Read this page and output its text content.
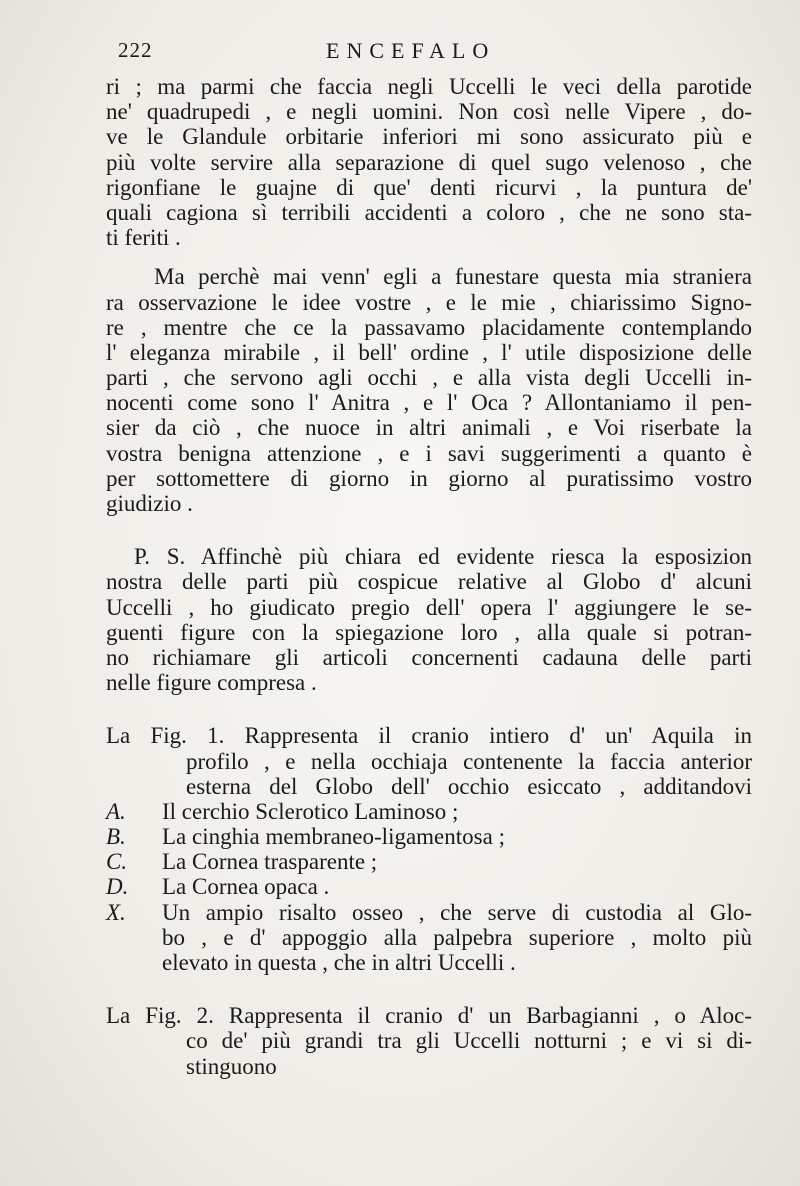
222	ENCEFALO
ri ; ma parmi che faccia negli Uccelli le veci della parotide
ne' quadrupedi , e negli uomini. Non così nelle Vipere , do-
ve le Glandule orbitarie inferiori mi sono assicurato più e
più volte servire alla separazione di quel sugo velenoso , che
rigonfiane le guajne di que' denti ricurvi , la puntura de'
quali cagiona sì terribili accidenti a coloro , che ne sono sta-
ti feriti .
Ma perchè mai venn' egli a funestare questa mia straniera
ra osservazione le idee vostre , e le mie , chiarissimo Signo-
re , mentre che ce la passavamo placidamente contemplando
l' eleganza mirabile , il bell' ordine , l' utile disposizione delle
parti , che servono agli occhi , e alla vista degli Uccelli in-
nocenti come sono l' Anitra , e l' Oca ? Allontaniamo il pen-
sier da ciò , che nuoce in altri animali , e Voi riserbate la
vostra benigna attenzione , e i savi suggerimenti a quanto è
per sottomettere di giorno in giorno al puratissimo vostro
giudizio .
P. S. Affinchè più chiara ed evidente riesca la esposizion
nostra delle parti più cospicue relative al Globo d' alcuni
Uccelli , ho giudicato pregio dell' opera l' aggiungere le se-
guenti figure con la spiegazione loro , alla quale si potran-
no richiamare gli articoli concernenti cadauna delle parti
nelle figure compresa .
La Fig. 1. Rappresenta il cranio intiero d' un' Aquila in
profilo , e nella occhiaja contenente la faccia anterior
esterna del Globo dell' occhio esiccato , additandovi
A.	Il cerchio Sclerotico Laminoso ;
B.	La cinghia membraneo-ligamentosa ;
C.	La Cornea trasparente ;
D.	La Cornea opaca .
X.	Un ampio risalto osseo , che serve di custodia al Glo-
bo , e d' appoggio alla palpebra superiore , molto più
elevato in questa , che in altri Uccelli .
La Fig. 2. Rappresenta il cranio d' un Barbagianni , o Aloc-
co de' più grandi tra gli Uccelli notturni ; e vi si di-
stinguono
